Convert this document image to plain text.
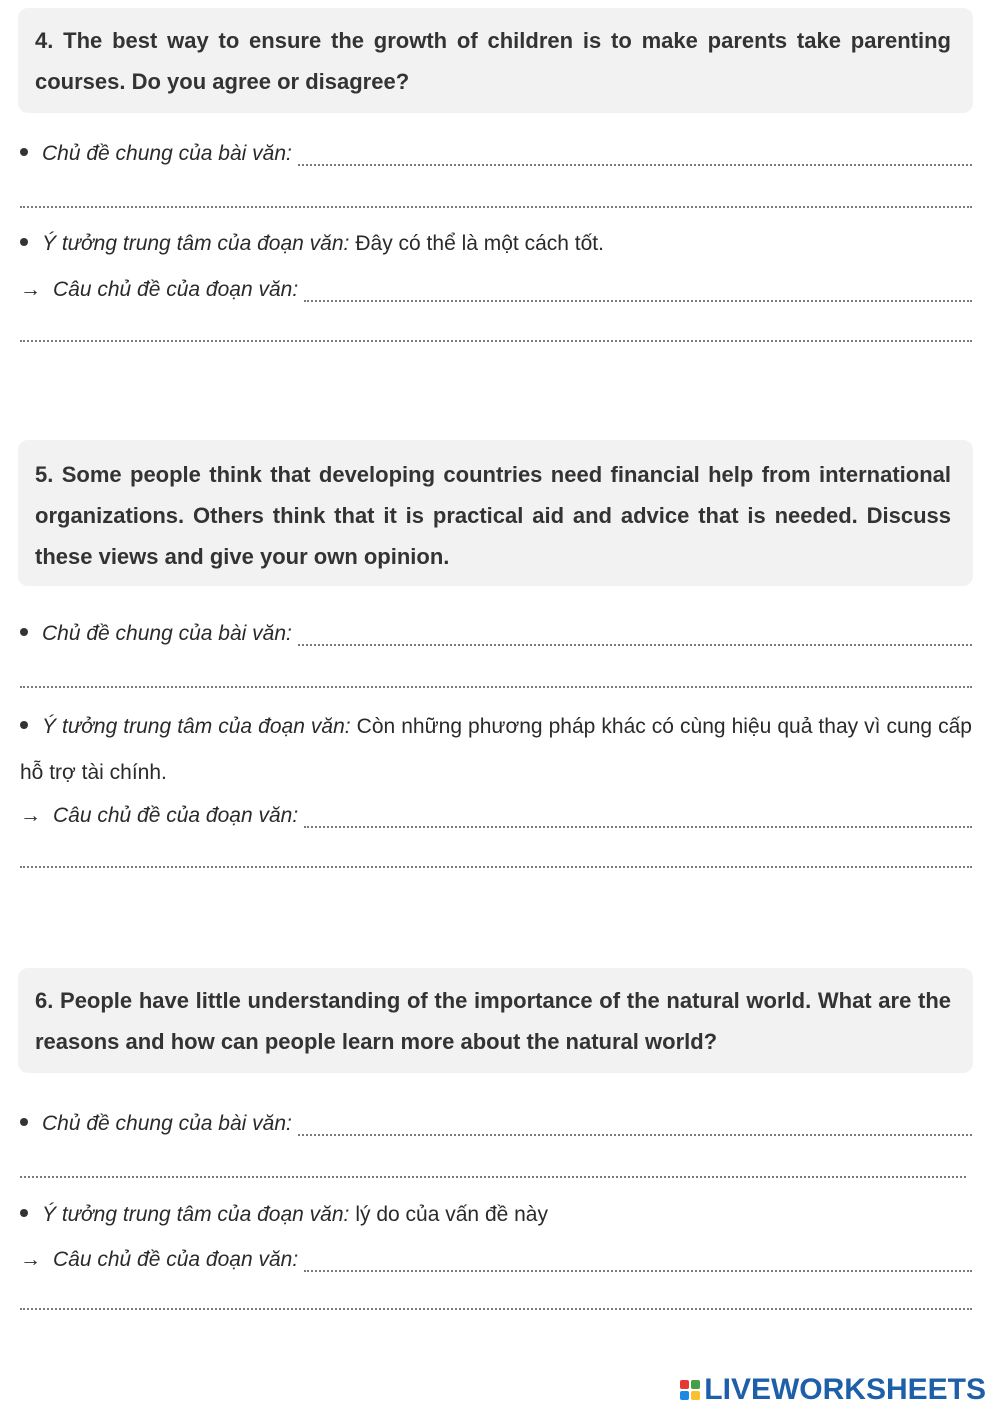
4. The best way to ensure the growth of children is to make parents take parenting courses. Do you agree or disagree?

Chủ đề chung của bài văn:
Ý tưởng trung tâm của đoạn văn: Đây có thể là một cách tốt.
→ Câu chủ đề của đoạn văn:

5. Some people think that developing countries need financial help from international organizations. Others think that it is practical aid and advice that is needed. Discuss these views and give your own opinion.

Chủ đề chung của bài văn:
Ý tưởng trung tâm của đoạn văn: Còn những phương pháp khác có cùng hiệu quả thay vì cung cấp hỗ trợ tài chính.
→ Câu chủ đề của đoạn văn:

6. People have little understanding of the importance of the natural world. What are the reasons and how can people learn more about the natural world?

Chủ đề chung của bài văn:
Ý tưởng trung tâm của đoạn văn: lý do của vấn đề này
→ Câu chủ đề của đoạn văn:
LIVEWORKSHEETS
